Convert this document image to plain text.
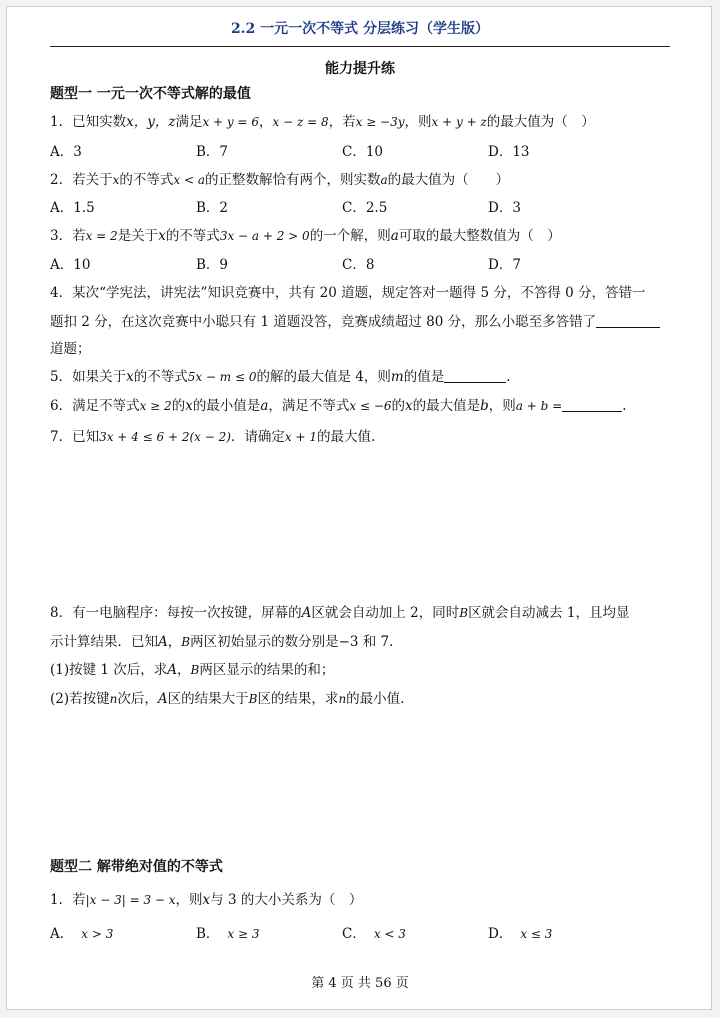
2.2 一元一次不等式 分层练习（学生版）
能力提升练
题型一 一元一次不等式解的最值
1．已知实数x，y，z满足x + y = 6，x − z = 8，若x ≥ −3y，则x + y + z的最大值为（　）
A．3	B．7	C．10	D．13
2．若关于x的不等式x < a的正整数解恰有两个，则实数a的最大值为（　　）
A．1.5	B．2	C．2.5	D．3
3．若x = 2是关于x的不等式3x − a + 2 > 0的一个解，则a可取的最大整数值为（　）
A．10	B．9	C．8	D．7
4．某次“学宪法，讲宪法”知识竞赛中，共有 20 道题，规定答对一题得 5 分，不答得 0 分，答错一
题扣 2 分，在这次竞赛中小聪只有 1 道题没答，竞赛成绩超过 80 分，那么小聪至多答错了
道题；
5．如果关于x的不等式5x − m ≤ 0的解的最大值是 4，则m的值是	.
6．满足不等式x ≥ 2的x的最小值是a，满足不等式x ≤ −6的x的最大值是b，则a + b =	.
7．已知3x + 4 ≤ 6 + 2(x − 2)．请确定x + 1的最大值.
8．有一电脑程序：每按一次按键，屏幕的A区就会自动加上 2，同时B区就会自动减去 1，且均显
示计算结果．已知A，B两区初始显示的数分别是−3 和 7.
(1)按键 1 次后，求A，B两区显示的结果的和；
(2)若按键n次后，A区的结果大于B区的结果，求n的最小值.
题型二 解带绝对值的不等式
1．若|x − 3| = 3 − x，则x与 3 的大小关系为（　）
A． x > 3	B． x ≥ 3	C． x < 3	D． x ≤ 3
第 4 页 共 56 页
